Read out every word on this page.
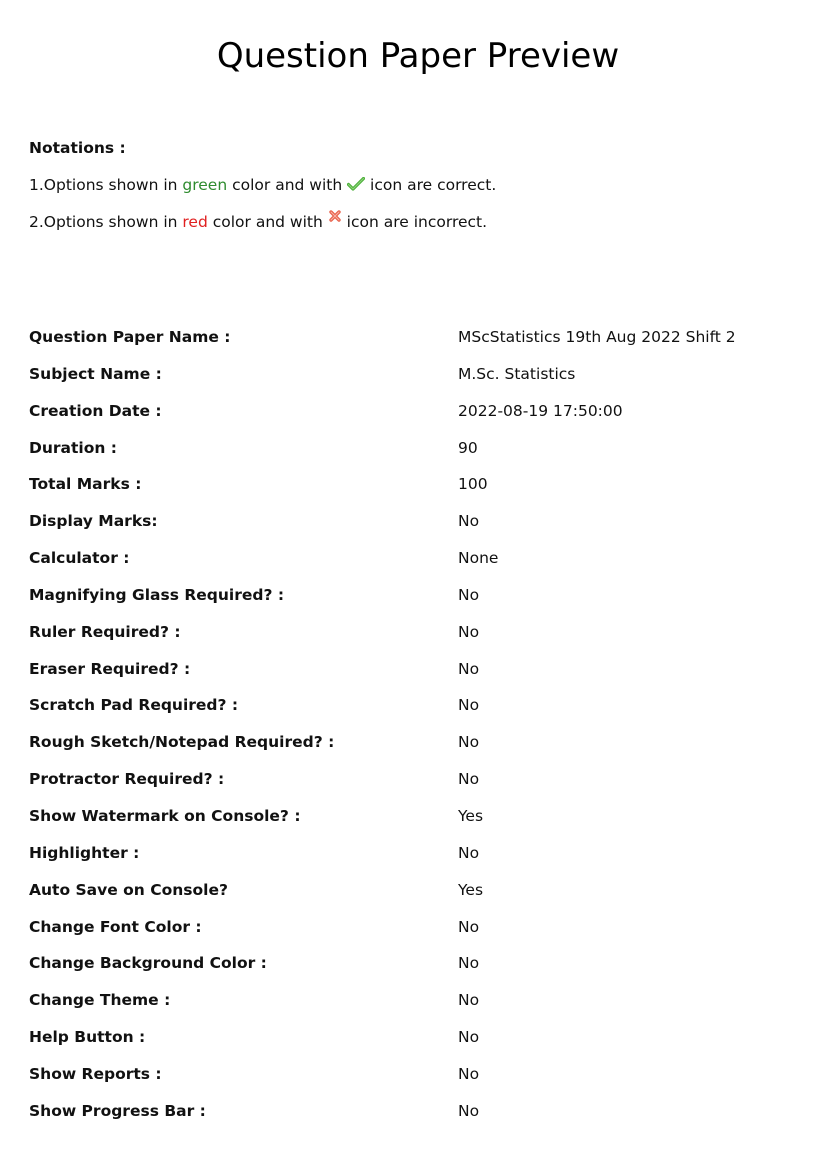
Question Paper Preview
Notations :
1.Options shown in green color and with  icon are correct.
2.Options shown in red color and with  icon are incorrect.
Question Paper Name :	MScStatistics 19th Aug 2022 Shift 2
Subject Name :	M.Sc. Statistics
Creation Date :	2022-08-19 17:50:00
Duration :	90
Total Marks :	100
Display Marks:	No
Calculator :	None
Magnifying Glass Required? :	No
Ruler Required? :	No
Eraser Required? :	No
Scratch Pad Required? :	No
Rough Sketch/Notepad Required? :	No
Protractor Required? :	No
Show Watermark on Console? :	Yes
Highlighter :	No
Auto Save on Console?	Yes
Change Font Color :	No
Change Background Color :	No
Change Theme :	No
Help Button :	No
Show Reports :	No
Show Progress Bar :	No
